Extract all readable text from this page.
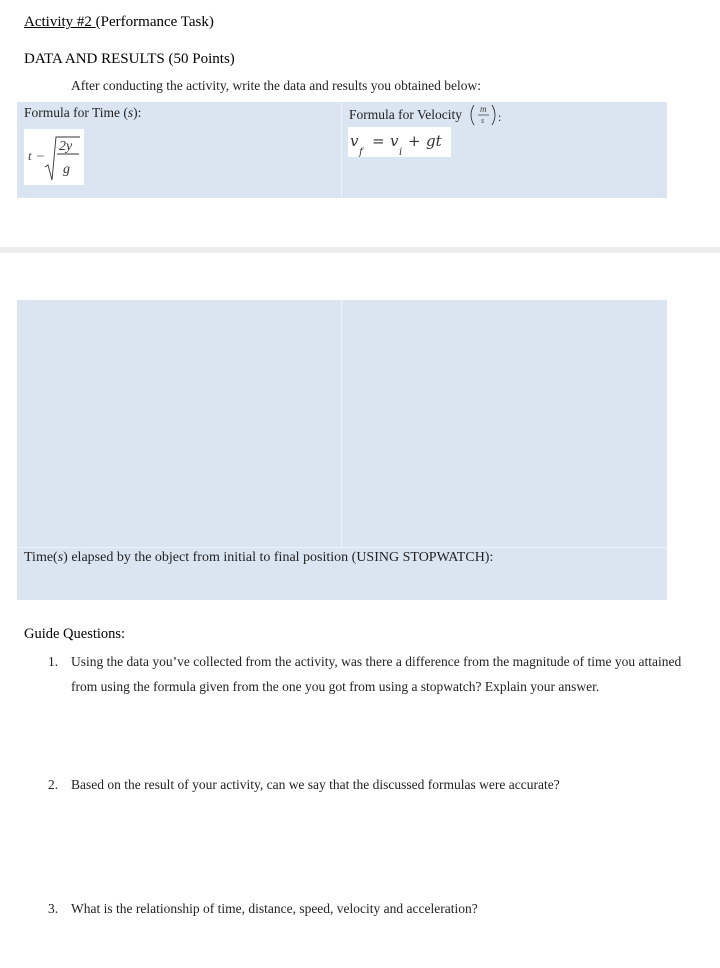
Activity #2 (Performance Task)
DATA AND RESULTS (50 Points)
After conducting the activity, write the data and results you obtained below:
Formula for Time (s):
t
2y
g
Formula for Velocity m
s :
v
f
= v
i
+ gt
Time(s) elapsed by the object from initial to final position (USING STOPWATCH):
Guide Questions:
1. Using the data you’ve collected from the activity, was there a difference from the magnitude of time you attained
from using the formula given from the one you got from using a stopwatch? Explain your answer.
2. Based on the result of your activity, can we say that the discussed formulas were accurate?
3. What is the relationship of time, distance, speed, velocity and acceleration?
